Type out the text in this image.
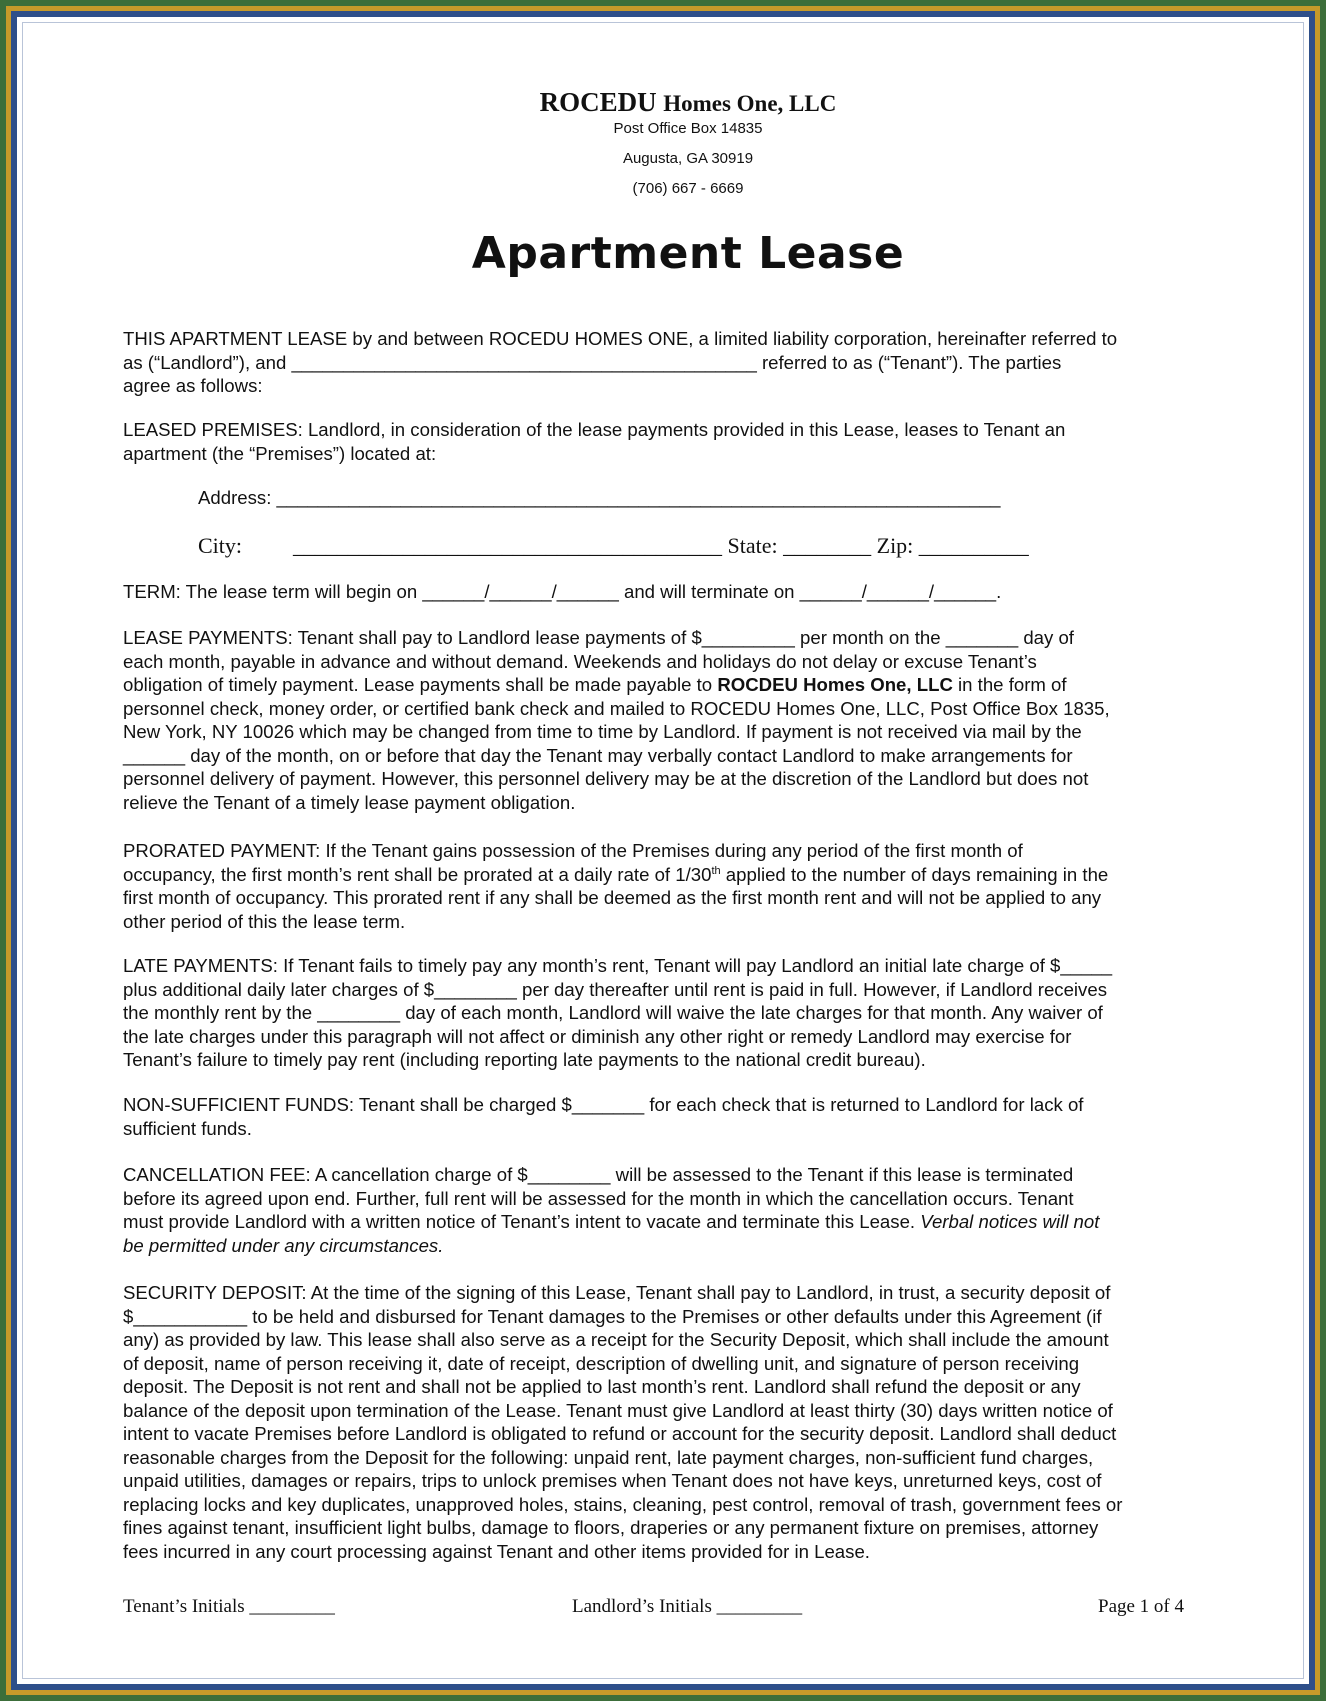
ROCEDU Homes One, LLC
Post Office Box 14835
Augusta, GA 30919
(706) 667 - 6669
Apartment Lease
THIS APARTMENT LEASE by and between ROCEDU HOMES ONE, a limited liability corporation, hereinafter referred to
as (“Landlord”), and _____________________________________________ referred to as (“Tenant”). The parties
agree as follows:
LEASED PREMISES: Landlord, in consideration of the lease payments provided in this Lease, leases to Tenant an
apartment (the “Premises”) located at:
Address: ______________________________________________________________________
City: _______________________________________ State: ________ Zip: __________
TERM: The lease term will begin on ______/______/______ and will terminate on ______/______/______.
LEASE PAYMENTS: Tenant shall pay to Landlord lease payments of $_________ per month on the _______ day of
each month, payable in advance and without demand. Weekends and holidays do not delay or excuse Tenant’s
obligation of timely payment. Lease payments shall be made payable to ROCDEU Homes One, LLC in the form of
personnel check, money order, or certified bank check and mailed to ROCEDU Homes One, LLC, Post Office Box 1835,
New York, NY 10026 which may be changed from time to time by Landlord. If payment is not received via mail by the
______ day of the month, on or before that day the Tenant may verbally contact Landlord to make arrangements for
personnel delivery of payment. However, this personnel delivery may be at the discretion of the Landlord but does not
relieve the Tenant of a timely lease payment obligation.
PRORATED PAYMENT: If the Tenant gains possession of the Premises during any period of the first month of
occupancy, the first month’s rent shall be prorated at a daily rate of 1/30th applied to the number of days remaining in the
first month of occupancy. This prorated rent if any shall be deemed as the first month rent and will not be applied to any
other period of this the lease term.
LATE PAYMENTS: If Tenant fails to timely pay any month’s rent, Tenant will pay Landlord an initial late charge of $_____
plus additional daily later charges of $________ per day thereafter until rent is paid in full. However, if Landlord receives
the monthly rent by the ________ day of each month, Landlord will waive the late charges for that month. Any waiver of
the late charges under this paragraph will not affect or diminish any other right or remedy Landlord may exercise for
Tenant’s failure to timely pay rent (including reporting late payments to the national credit bureau).
NON-SUFFICIENT FUNDS: Tenant shall be charged $_______ for each check that is returned to Landlord for lack of
sufficient funds.
CANCELLATION FEE: A cancellation charge of $________ will be assessed to the Tenant if this lease is terminated
before its agreed upon end. Further, full rent will be assessed for the month in which the cancellation occurs. Tenant
must provide Landlord with a written notice of Tenant’s intent to vacate and terminate this Lease. Verbal notices will not
be permitted under any circumstances.
SECURITY DEPOSIT: At the time of the signing of this Lease, Tenant shall pay to Landlord, in trust, a security deposit of
$___________ to be held and disbursed for Tenant damages to the Premises or other defaults under this Agreement (if
any) as provided by law. This lease shall also serve as a receipt for the Security Deposit, which shall include the amount
of deposit, name of person receiving it, date of receipt, description of dwelling unit, and signature of person receiving
deposit. The Deposit is not rent and shall not be applied to last month’s rent. Landlord shall refund the deposit or any
balance of the deposit upon termination of the Lease. Tenant must give Landlord at least thirty (30) days written notice of
intent to vacate Premises before Landlord is obligated to refund or account for the security deposit. Landlord shall deduct
reasonable charges from the Deposit for the following: unpaid rent, late payment charges, non-sufficient fund charges,
unpaid utilities, damages or repairs, trips to unlock premises when Tenant does not have keys, unreturned keys, cost of
replacing locks and key duplicates, unapproved holes, stains, cleaning, pest control, removal of trash, government fees or
fines against tenant, insufficient light bulbs, damage to floors, draperies or any permanent fixture on premises, attorney
fees incurred in any court processing against Tenant and other items provided for in Lease.
Tenant’s Initials _________	Landlord’s Initials _________	Page 1 of 4
